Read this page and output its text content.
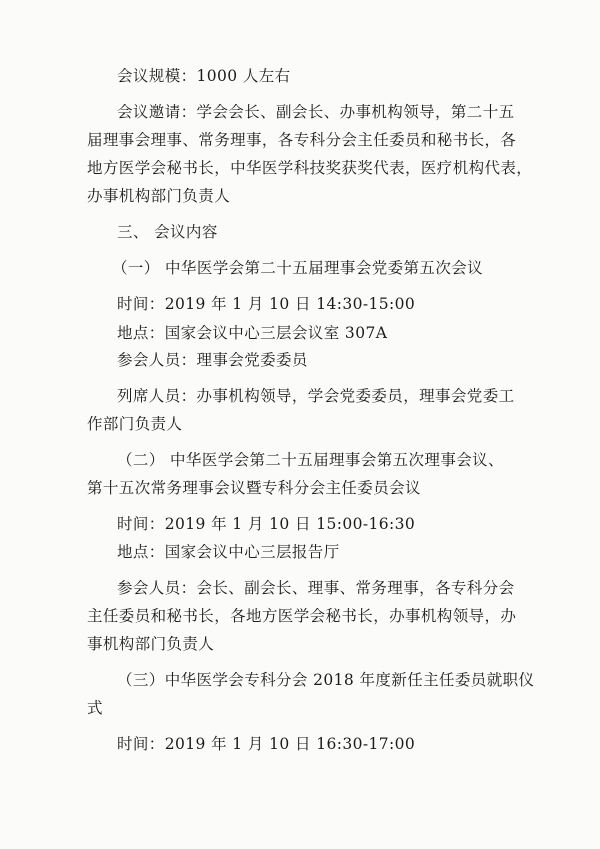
会议规模：1000 人左右
会议邀请：学会会长、副会长、办事机构领导，第二十五
届理事会理事、常务理事，各专科分会主任委员和秘书长，各
地方医学会秘书长，中华医学科技奖获奖代表，医疗机构代表，
办事机构部门负责人
三、 会议内容
（一） 中华医学会第二十五届理事会党委第五次会议
时间：2019 年 1 月 10 日 14:30-15:00
地点：国家会议中心三层会议室 307A
参会人员：理事会党委委员
列席人员：办事机构领导，学会党委委员，理事会党委工
作部门负责人
（二） 中华医学会第二十五届理事会第五次理事会议、
第十五次常务理事会议暨专科分会主任委员会议
时间：2019 年 1 月 10 日 15:00-16:30
地点：国家会议中心三层报告厅
参会人员：会长、副会长、理事、常务理事，各专科分会
主任委员和秘书长，各地方医学会秘书长，办事机构领导，办
事机构部门负责人
（三）中华医学会专科分会 2018 年度新任主任委员就职仪
式
时间：2019 年 1 月 10 日 16:30-17:00
